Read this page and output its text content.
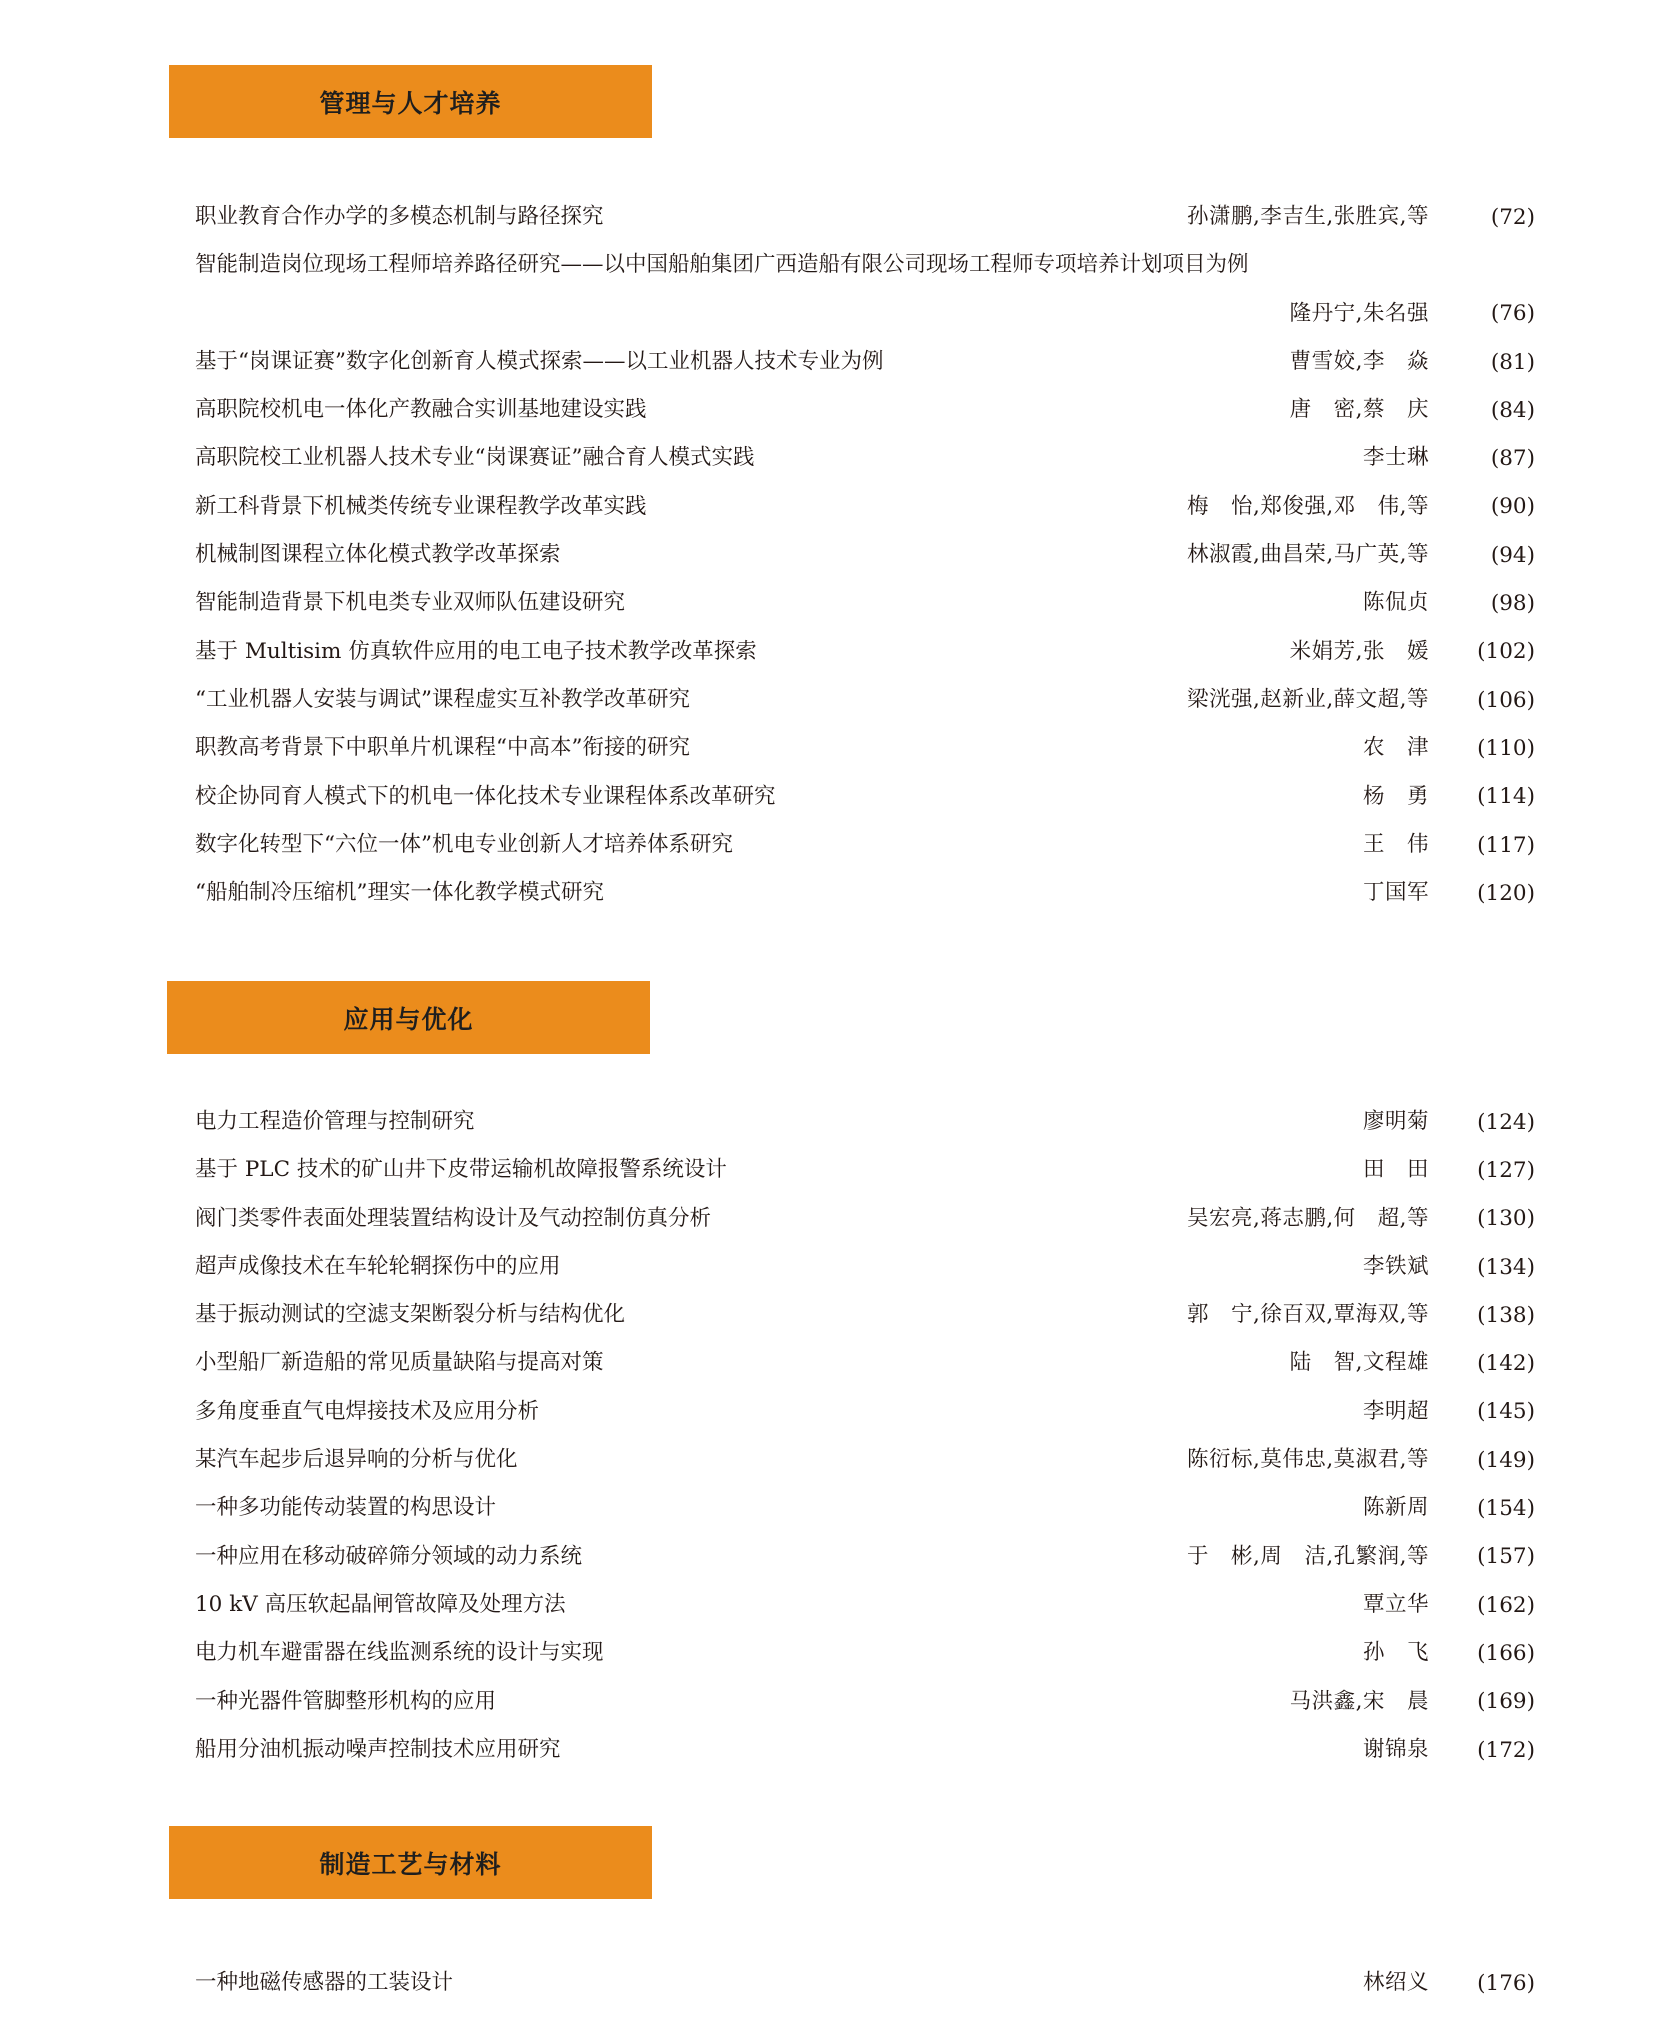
管理与人才培养
职业教育合作办学的多模态机制与路径探究 …………………………………………………………………………………………………………………………………………………………………………………………	孙潇鹏,李吉生,张胜宾,等	(72)
智能制造岗位现场工程师培养路径研究——以中国船舶集团广西造船有限公司现场工程师专项培养计划项目为例
…………………………………………………………………………………………………………………………………………………………………………………………
隆丹宁,朱名强	(76)
基于“岗课证赛”数字化创新育人模式探索——以工业机器人技术专业为例 …………………………………………………………………………………………………………………………………………………………………………………………	曹雪姣,李　焱	(81)
高职院校机电一体化产教融合实训基地建设实践 …………………………………………………………………………………………………………………………………………………………………………………………	唐　密,蔡　庆	(84)
高职院校工业机器人技术专业“岗课赛证”融合育人模式实践 …………………………………………………………………………………………………………………………………………………………………………………………	李士琳	(87)
新工科背景下机械类传统专业课程教学改革实践 …………………………………………………………………………………………………………………………………………………………………………………………	梅　怡,郑俊强,邓　伟,等	(90)
机械制图课程立体化模式教学改革探索 …………………………………………………………………………………………………………………………………………………………………………………………	林淑霞,曲昌荣,马广英,等	(94)
智能制造背景下机电类专业双师队伍建设研究 …………………………………………………………………………………………………………………………………………………………………………………………	陈侃贞	(98)
基于 Multisim 仿真软件应用的电工电子技术教学改革探索 …………………………………………………………………………………………………………………………………………………………………………………………	米娟芳,张　媛	(102)
“工业机器人安装与调试”课程虚实互补教学改革研究 …………………………………………………………………………………………………………………………………………………………………………………………	梁洸强,赵新业,薛文超,等	(106)
职教高考背景下中职单片机课程“中高本”衔接的研究 …………………………………………………………………………………………………………………………………………………………………………………………	农　津	(110)
校企协同育人模式下的机电一体化技术专业课程体系改革研究 …………………………………………………………………………………………………………………………………………………………………………………………	杨　勇	(114)
数字化转型下“六位一体”机电专业创新人才培养体系研究 …………………………………………………………………………………………………………………………………………………………………………………………	王　伟	(117)
“船舶制冷压缩机”理实一体化教学模式研究 …………………………………………………………………………………………………………………………………………………………………………………………	丁国军	(120)
应用与优化
电力工程造价管理与控制研究 …………………………………………………………………………………………………………………………………………………………………………………………	廖明菊	(124)
基于 PLC 技术的矿山井下皮带运输机故障报警系统设计 …………………………………………………………………………………………………………………………………………………………………………………………	田　田	(127)
阀门类零件表面处理装置结构设计及气动控制仿真分析 …………………………………………………………………………………………………………………………………………………………………………………………	吴宏亮,蒋志鹏,何　超,等	(130)
超声成像技术在车轮轮辋探伤中的应用 …………………………………………………………………………………………………………………………………………………………………………………………	李铁斌	(134)
基于振动测试的空滤支架断裂分析与结构优化 …………………………………………………………………………………………………………………………………………………………………………………………	郭　宁,徐百双,覃海双,等	(138)
小型船厂新造船的常见质量缺陷与提高对策 …………………………………………………………………………………………………………………………………………………………………………………………	陆　智,文程雄	(142)
多角度垂直气电焊接技术及应用分析 …………………………………………………………………………………………………………………………………………………………………………………………	李明超	(145)
某汽车起步后退异响的分析与优化 …………………………………………………………………………………………………………………………………………………………………………………………	陈衍标,莫伟忠,莫淑君,等	(149)
一种多功能传动装置的构思设计 …………………………………………………………………………………………………………………………………………………………………………………………	陈新周	(154)
一种应用在移动破碎筛分领域的动力系统 …………………………………………………………………………………………………………………………………………………………………………………………	于　彬,周　洁,孔繁润,等	(157)
10 kV 高压软起晶闸管故障及处理方法 …………………………………………………………………………………………………………………………………………………………………………………………	覃立华	(162)
电力机车避雷器在线监测系统的设计与实现 …………………………………………………………………………………………………………………………………………………………………………………………	孙　飞	(166)
一种光器件管脚整形机构的应用 …………………………………………………………………………………………………………………………………………………………………………………………	马洪鑫,宋　晨	(169)
船用分油机振动噪声控制技术应用研究 …………………………………………………………………………………………………………………………………………………………………………………………	谢锦泉	(172)
制造工艺与材料
一种地磁传感器的工装设计 …………………………………………………………………………………………………………………………………………………………………………………………	林绍义	(176)
